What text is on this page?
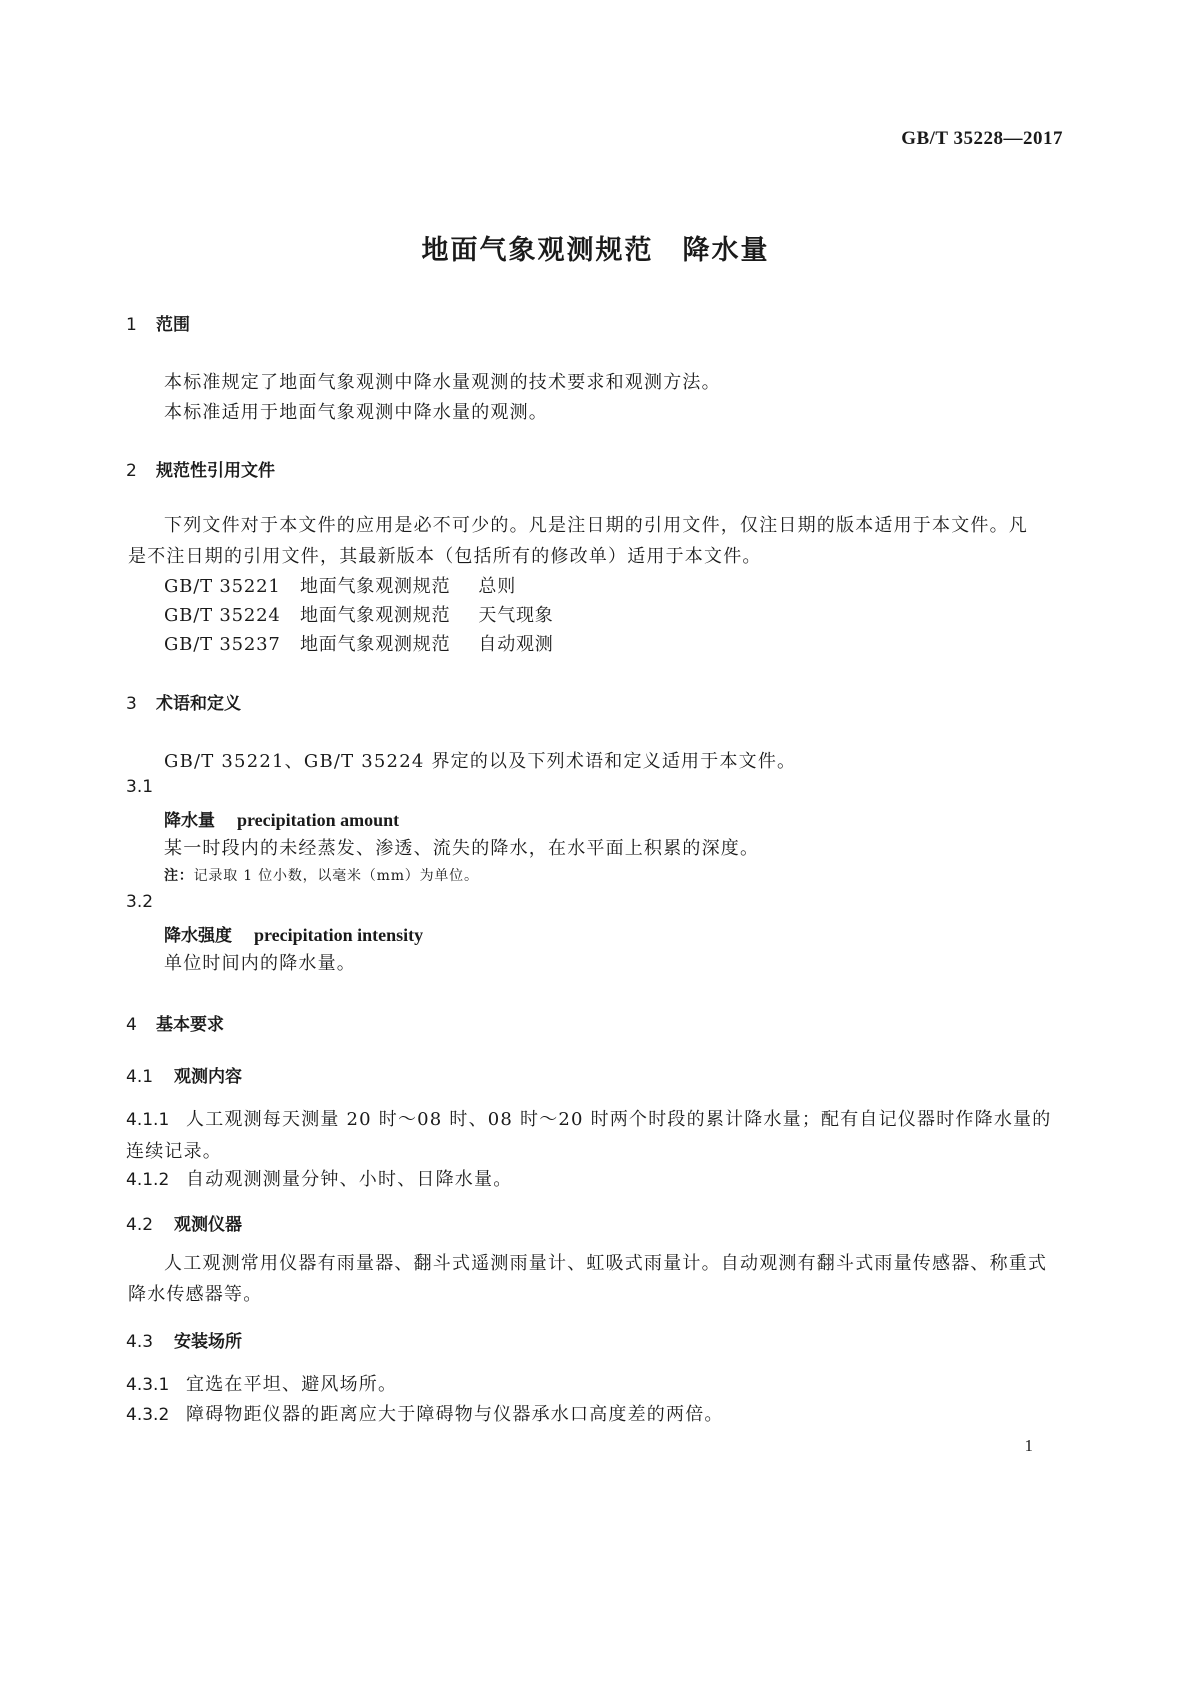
GB/T 35228—2017
地面气象观测规范　降水量
1 范围
本标准规定了地面气象观测中降水量观测的技术要求和观测方法。
本标准适用于地面气象观测中降水量的观测。
2 规范性引用文件
下列文件对于本文件的应用是必不可少的。凡是注日期的引用文件，仅注日期的版本适用于本文件。凡是不注日期的引用文件，其最新版本（包括所有的修改单）适用于本文件。
GB/T 35221 地面气象观测规范 总则
GB/T 35224 地面气象观测规范 天气现象
GB/T 35237 地面气象观测规范 自动观测
3 术语和定义
GB/T 35221、GB/T 35224 界定的以及下列术语和定义适用于本文件。
3.1
降水量 precipitation amount
某一时段内的未经蒸发、渗透、流失的降水，在水平面上积累的深度。
注：记录取 1 位小数，以毫米（mm）为单位。
3.2
降水强度 precipitation intensity
单位时间内的降水量。
4 基本要求
4.1 观测内容
4.1.1 人工观测每天测量 20 时～08 时、08 时～20 时两个时段的累计降水量；配有自记仪器时作降水量的连续记录。
4.1.2 自动观测测量分钟、小时、日降水量。
4.2 观测仪器
人工观测常用仪器有雨量器、翻斗式遥测雨量计、虹吸式雨量计。自动观测有翻斗式雨量传感器、称重式降水传感器等。
4.3 安装场所
4.3.1 宜选在平坦、避风场所。
4.3.2 障碍物距仪器的距离应大于障碍物与仪器承水口高度差的两倍。
1
